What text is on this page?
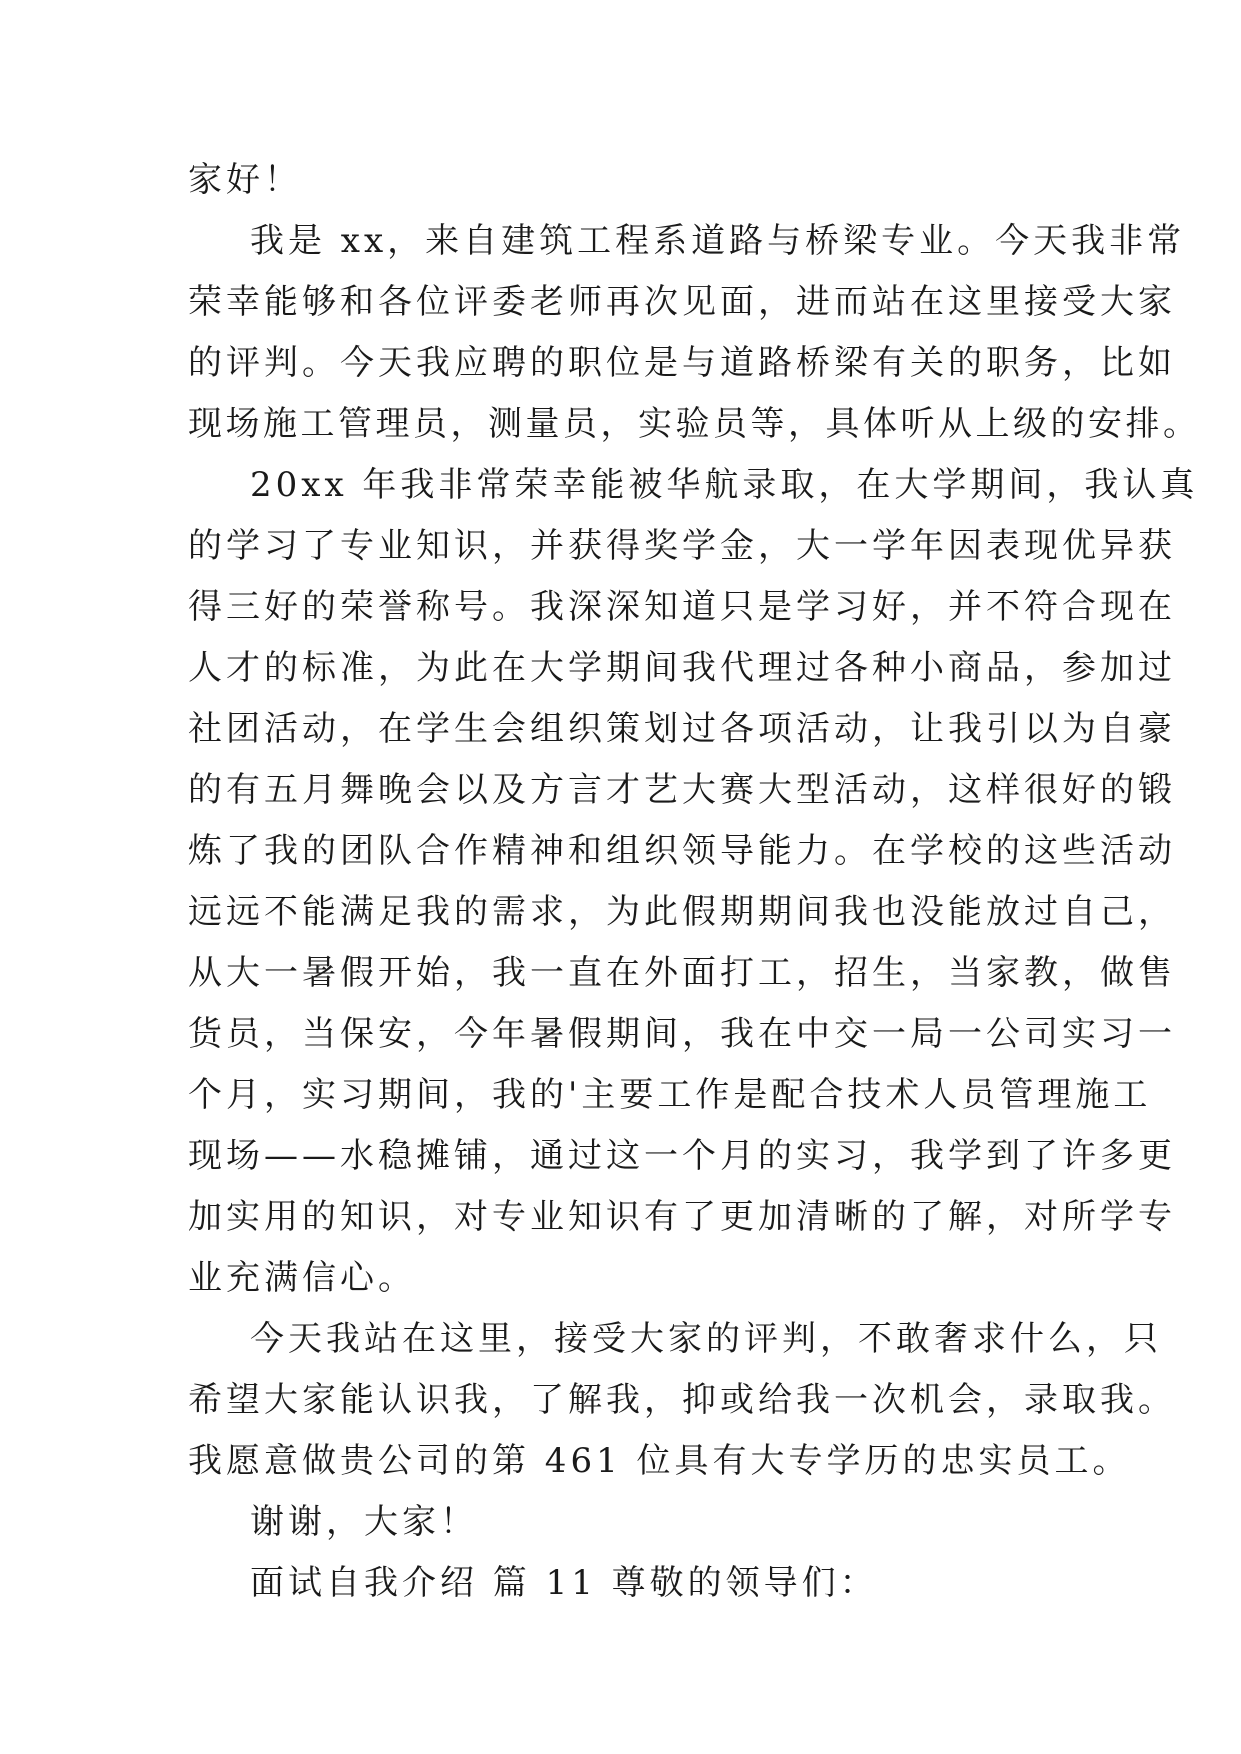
家好！

我是 xx，来自建筑工程系道路与桥梁专业。今天我非常

荣幸能够和各位评委老师再次见面，进而站在这里接受大家

的评判。今天我应聘的职位是与道路桥梁有关的职务，比如

现场施工管理员，测量员，实验员等，具体听从上级的安排。

20xx 年我非常荣幸能被华航录取，在大学期间，我认真

的学习了专业知识，并获得奖学金，大一学年因表现优异获

得三好的荣誉称号。我深深知道只是学习好，并不符合现在

人才的标准，为此在大学期间我代理过各种小商品，参加过

社团活动，在学生会组织策划过各项活动，让我引以为自豪

的有五月舞晚会以及方言才艺大赛大型活动，这样很好的锻

炼了我的团队合作精神和组织领导能力。在学校的这些活动

远远不能满足我的需求，为此假期期间我也没能放过自己，

从大一暑假开始，我一直在外面打工，招生，当家教，做售

货员，当保安，今年暑假期间，我在中交一局一公司实习一

个月，实习期间，我的'主要工作是配合技术人员管理施工

现场——水稳摊铺，通过这一个月的实习，我学到了许多更

加实用的知识，对专业知识有了更加清晰的了解，对所学专

业充满信心。

今天我站在这里，接受大家的评判，不敢奢求什么，只

希望大家能认识我，了解我，抑或给我一次机会，录取我。

我愿意做贵公司的第 461 位具有大专学历的忠实员工。

谢谢，大家！

面试自我介绍 篇 11 尊敬的领导们：
